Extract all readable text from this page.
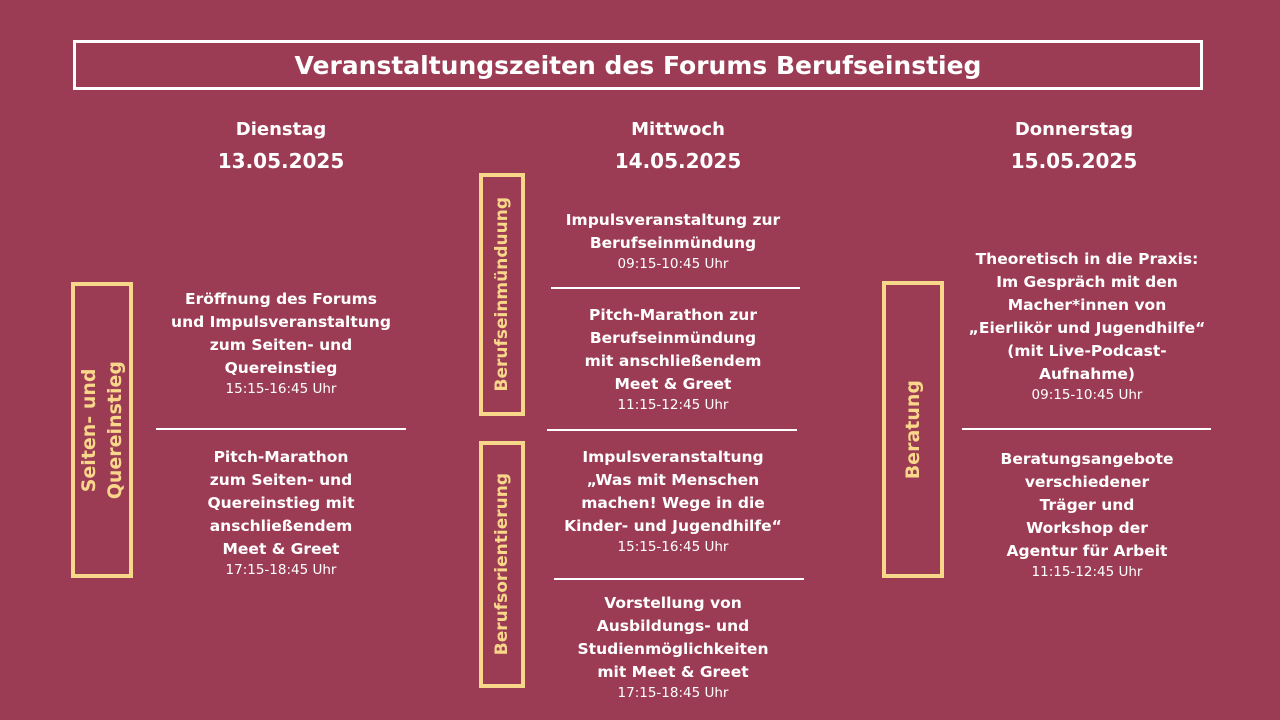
Veranstaltungszeiten des Forums Berufseinstieg
Dienstag
13.05.2025
Mittwoch
14.05.2025
Donnerstag
15.05.2025
Seiten- und
Quereinstieg
Berufseinmünduung
Berufsorientierung
Beratung
Eröffnung des Forums
und Impulsveranstaltung
zum Seiten- und
Quereinstieg
15:15-16:45 Uhr
Pitch-Marathon
zum Seiten- und
Quereinstieg mit
anschließendem
Meet & Greet
17:15-18:45 Uhr
Impulsveranstaltung zur
Berufseinmündung
09:15-10:45 Uhr
Pitch-Marathon zur
Berufseinmündung
mit anschließendem
Meet & Greet
11:15-12:45 Uhr
Impulsveranstaltung
„Was mit Menschen
machen! Wege in die
Kinder- und Jugendhilfe“
15:15-16:45 Uhr
Vorstellung von
Ausbildungs- und
Studienmöglichkeiten
mit Meet & Greet
17:15-18:45 Uhr
Theoretisch in die Praxis:
Im Gespräch mit den
Macher*innen von
„Eierlikör und Jugendhilfe“
(mit Live-Podcast-
Aufnahme)
09:15-10:45 Uhr
Beratungsangebote
verschiedener
Träger und
Workshop der
Agentur für Arbeit
11:15-12:45 Uhr
